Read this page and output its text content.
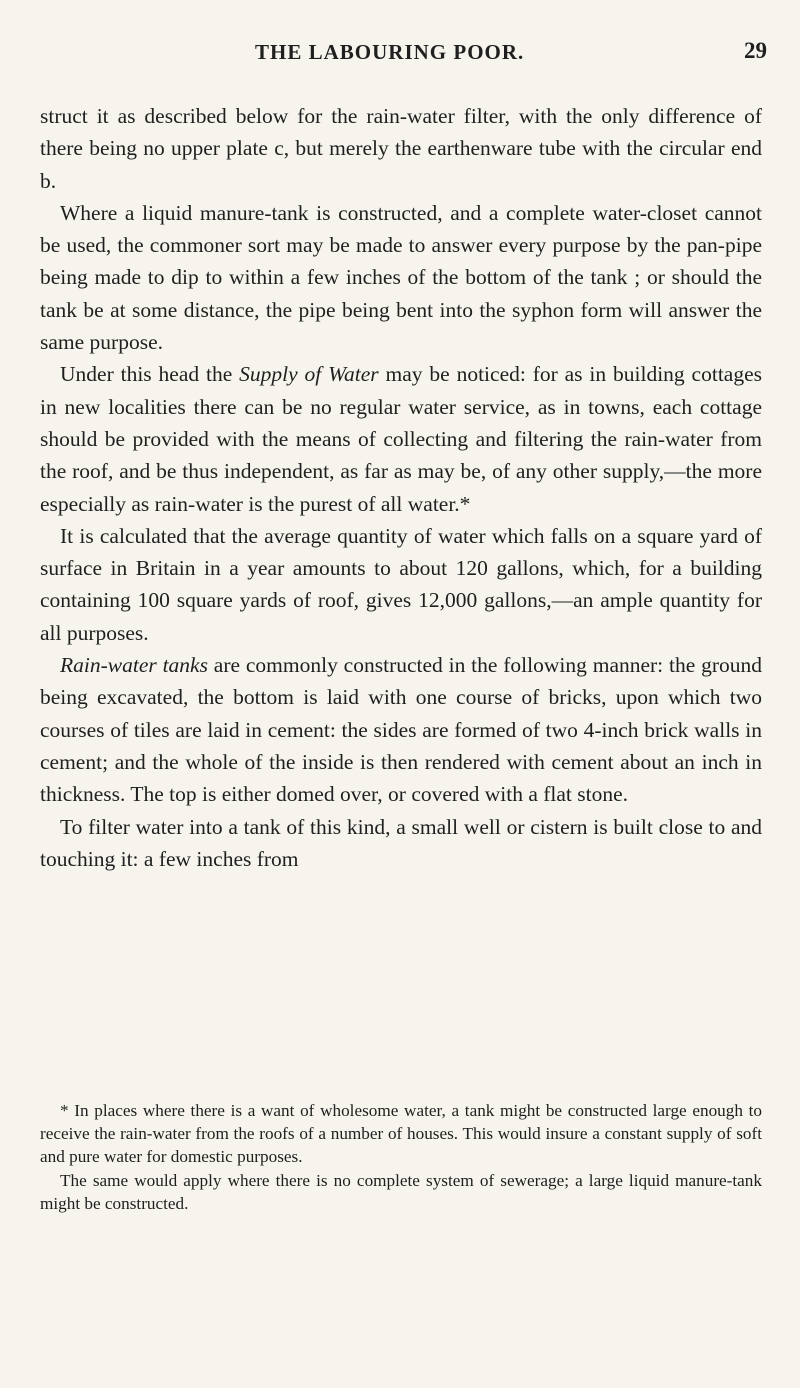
THE LABOURING POOR.	29

struct it as described below for the rain-water filter, with the only difference of there being no upper plate c, but merely the earthenware tube with the circular end b.

Where a liquid manure-tank is constructed, and a complete water-closet cannot be used, the commoner sort may be made to answer every purpose by the pan-pipe being made to dip to within a few inches of the bottom of the tank ; or should the tank be at some distance, the pipe being bent into the syphon form will answer the same purpose.

Under this head the Supply of Water may be noticed: for as in building cottages in new localities there can be no regular water service, as in towns, each cottage should be provided with the means of collecting and filtering the rain-water from the roof, and be thus independent, as far as may be, of any other supply,—the more especially as rain-water is the purest of all water.*

It is calculated that the average quantity of water which falls on a square yard of surface in Britain in a year amounts to about 120 gallons, which, for a building containing 100 square yards of roof, gives 12,000 gallons,—an ample quantity for all purposes.

Rain-water tanks are commonly constructed in the following manner: the ground being excavated, the bottom is laid with one course of bricks, upon which two courses of tiles are laid in cement: the sides are formed of two 4-inch brick walls in cement; and the whole of the inside is then rendered with cement about an inch in thickness. The top is either domed over, or covered with a flat stone.

To filter water into a tank of this kind, a small well or cistern is built close to and touching it: a few inches from

* In places where there is a want of wholesome water, a tank might be constructed large enough to receive the rain-water from the roofs of a number of houses. This would insure a constant supply of soft and pure water for domestic purposes.

The same would apply where there is no complete system of sewerage; a large liquid manure-tank might be constructed.
